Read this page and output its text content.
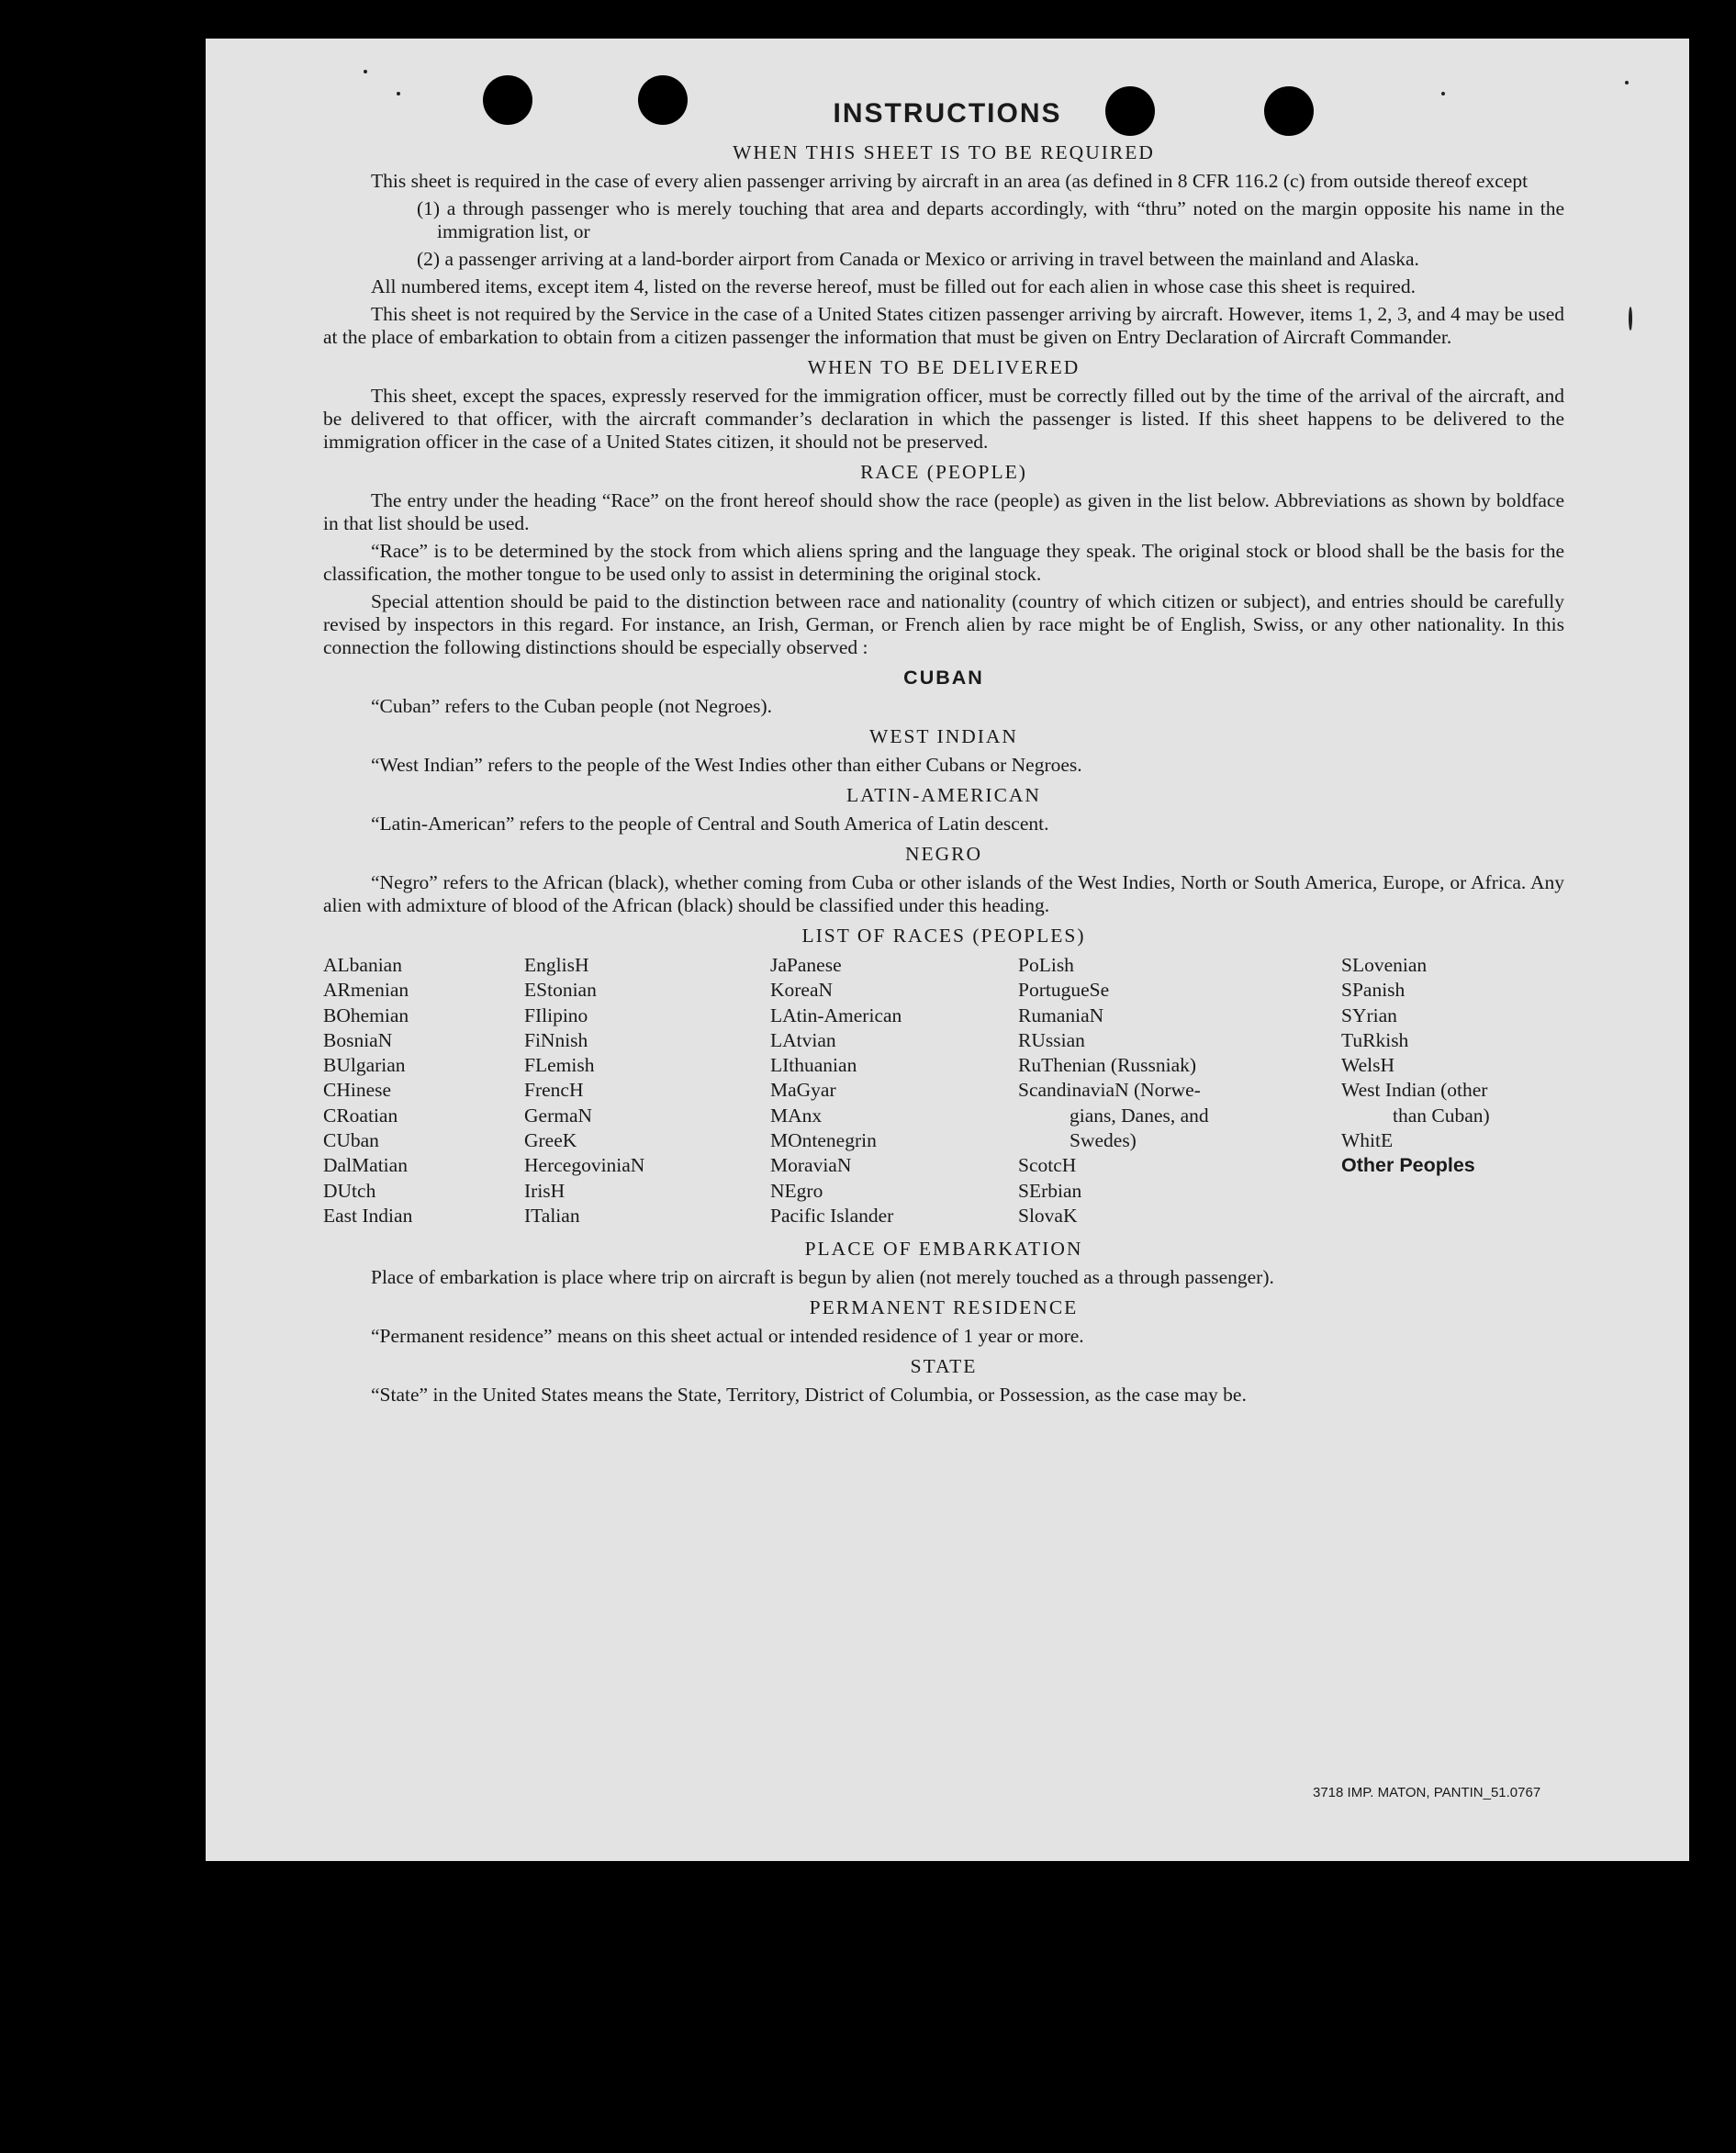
INSTRUCTIONS
WHEN THIS SHEET IS TO BE REQUIRED

This sheet is required in the case of every alien passenger arriving by aircraft in an area (as defined in 8 CFR 116.2 (c) from outside thereof except

(1) a through passenger who is merely touching that area and departs accordingly, with “thru” noted on the margin opposite his name in the immigration list, or

(2) a passenger arriving at a land-border airport from Canada or Mexico or arriving in travel between the mainland and Alaska.

All numbered items, except item 4, listed on the reverse hereof, must be filled out for each alien in whose case this sheet is required.

This sheet is not required by the Service in the case of a United States citizen passenger arriving by aircraft. However, items 1, 2, 3, and 4 may be used at the place of embarkation to obtain from a citizen passenger the information that must be given on Entry Declaration of Aircraft Commander.

WHEN TO BE DELIVERED

This sheet, except the spaces, expressly reserved for the immigration officer, must be correctly filled out by the time of the arrival of the aircraft, and be delivered to that officer, with the aircraft commander’s declaration in which the passenger is listed. If this sheet happens to be delivered to the immigration officer in the case of a United States citizen, it should not be preserved.

RACE (PEOPLE)

The entry under the heading “Race” on the front hereof should show the race (people) as given in the list below. Abbreviations as shown by boldface in that list should be used.

“Race” is to be determined by the stock from which aliens spring and the language they speak. The original stock or blood shall be the basis for the classification, the mother tongue to be used only to assist in determining the original stock.

Special attention should be paid to the distinction between race and nationality (country of which citizen or subject), and entries should be carefully revised by inspectors in this regard. For instance, an Irish, German, or French alien by race might be of English, Swiss, or any other nationality. In this connection the following distinctions should be especially observed :

CUBAN

“Cuban” refers to the Cuban people (not Negroes).

WEST INDIAN

“West Indian” refers to the people of the West Indies other than either Cubans or Negroes.

LATIN-AMERICAN

“Latin-American” refers to the people of Central and South America of Latin descent.

NEGRO

“Negro” refers to the African (black), whether coming from Cuba or other islands of the West Indies, North or South America, Europe, or Africa. Any alien with admixture of blood of the African (black) should be classified under this heading.

LIST OF RACES (PEOPLES)
ALbanian
ARmenian
BOhemian
BosniaN
BUlgarian
CHinese
CRoatian
CUban
DalMatian
DUtch
East Indian
EnglisH
EStonian
FIlipino
FiNnish
FLemish
FrencH
GermaN
GreeK
HercegoviniaN
IrisH
ITalian
JaPanese
KoreaN
LAtin-American
LAtvian
LIthuanian
MaGyar
MAnx
MOntenegrin
MoraviaN
NEgro
Pacific Islander
PoLish
PortugueSe
RumaniaN
RUssian
RuThenian (Russniak)
ScandinaviaN (Norwe-
gians, Danes, and
Swedes)
ScotcH
SErbian
SlovaK
SLovenian
SPanish
SYrian
TuRkish
WelsH
West Indian (other
than Cuban)
WhitE
Other Peoples
PLACE OF EMBARKATION

Place of embarkation is place where trip on aircraft is begun by alien (not merely touched as a through passenger).

PERMANENT RESIDENCE

“Permanent residence” means on this sheet actual or intended residence of 1 year or more.

STATE

“State” in the United States means the State, Territory, District of Columbia, or Possession, as the case may be.

3718 IMP. MATON, PANTIN_51.0767
